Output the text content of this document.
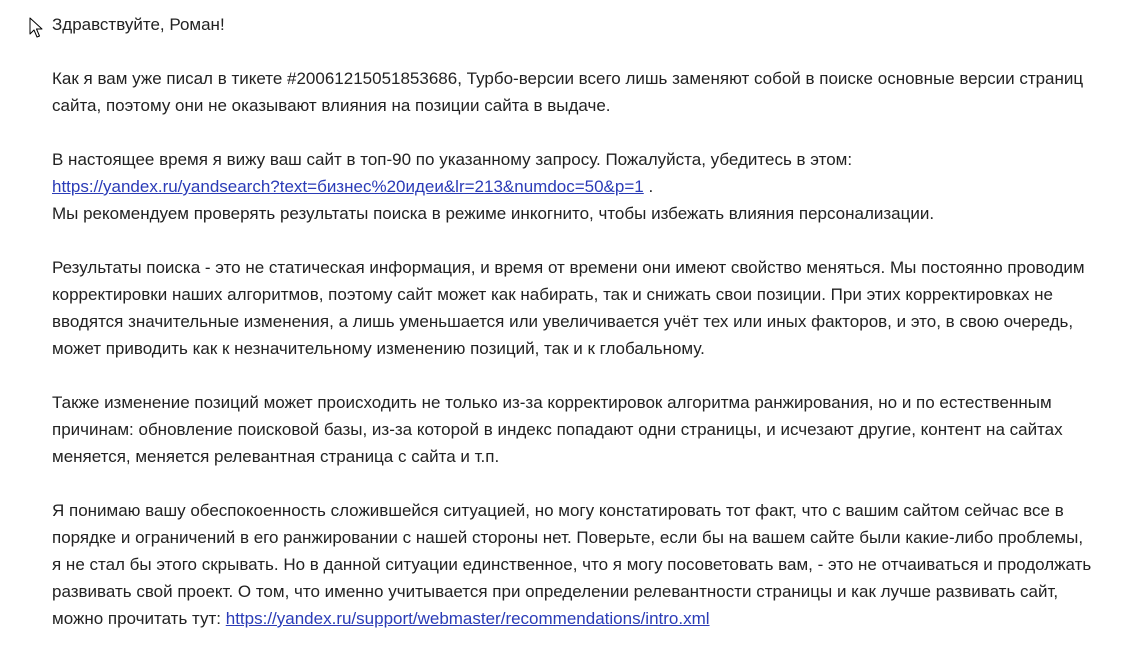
Здравствуйте, Роман!

Как я вам уже писал в тикете #20061215051853686, Турбо-версии всего лишь заменяют собой в поиске основные версии страниц сайта, поэтому они не оказывают влияния на позиции сайта в выдаче.

В настоящее время я вижу ваш сайт в топ-90 по указанному запросу. Пожалуйста, убедитесь в этом:
https://yandex.ru/yandsearch?text=бизнес%20идеи&lr=213&numdoc=50&p=1 .
Мы рекомендуем проверять результаты поиска в режиме инкогнито, чтобы избежать влияния персонализации.

Результаты поиска - это не статическая информация, и время от времени они имеют свойство меняться. Мы постоянно проводим корректировки наших алгоритмов, поэтому сайт может как набирать, так и снижать свои позиции. При этих корректировках не вводятся значительные изменения, а лишь уменьшается или увеличивается учёт тех или иных факторов, и это, в свою очередь, может приводить как к незначительному изменению позиций, так и к глобальному.

Также изменение позиций может происходить не только из-за корректировок алгоритма ранжирования, но и по естественным причинам: обновление поисковой базы, из-за которой в индекс попадают одни страницы, и исчезают другие, контент на сайтах меняется, меняется релевантная страница с сайта и т.п.

Я понимаю вашу обеспокоенность сложившейся ситуацией, но могу констатировать тот факт, что с вашим сайтом сейчас все в порядке и ограничений в его ранжировании с нашей стороны нет. Поверьте, если бы на вашем сайте были какие-либо проблемы, я не стал бы этого скрывать. Но в данной ситуации единственное, что я могу посоветовать вам, - это не отчаиваться и продолжать развивать свой проект. О том, что именно учитывается при определении релевантности страницы и как лучше развивать сайт, можно прочитать тут: https://yandex.ru/support/webmaster/recommendations/intro.xml
